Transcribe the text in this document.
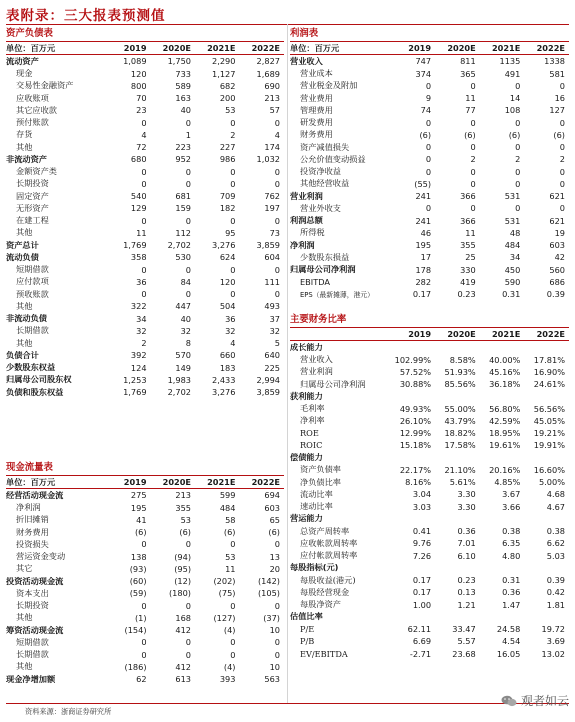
表附录：三大报表预测值
资产负债表
单位：百万元	2019	2020E	2021E	2022E
流动资产	1,089	1,750	2,290	2,827
现金	120	733	1,127	1,689
交易性金融资产	800	589	682	690
应收账项	70	163	200	213
其它应收款	23	40	53	57
预付账款	0	0	0	0
存货	4	1	2	4
其他	72	223	227	174
非流动资产	680	952	986	1,032
金额资产类	0	0	0	0
长期投资	0	0	0	0
固定资产	540	681	709	762
无形资产	129	159	182	197
在建工程	0	0	0	0
其他	11	112	95	73
资产总计	1,769	2,702	3,276	3,859
流动负债	358	530	624	604
短期借款	0	0	0	0
应付款项	36	84	120	111
预收账款	0	0	0	0
其他	322	447	504	493
非流动负债	34	40	36	37
长期借款	32	32	32	32
其他	2	8	4	5
负债合计	392	570	660	640
少数股东权益	124	149	183	225
归属母公司股东权	1,253	1,983	2,433	2,994
负债和股东权益	1,769	2,702	3,276	3,859
现金流量表
单位：百万元	2019	2020E	2021E	2022E
经营活动现金流	275	213	599	694
净利润	195	355	484	603
折旧摊销	41	53	58	65
财务费用	(6)	(6)	(6)	(6)
投资损失	0	0	0	0
营运资金变动	138	(94)	53	13
其它	(93)	(95)	11	20
投资活动现金流	(60)	(12)	(202)	(142)
资本支出	(59)	(180)	(75)	(105)
长期投资	0	0	0	0
其他	(1)	168	(127)	(37)
筹资活动现金流	(154)	412	(4)	10
短期借款	0	0	0	0
长期借款	0	0	0	0
其他	(186)	412	(4)	10
现金净增加额	62	613	393	563
利润表
单位：百万元	2019	2020E	2021E	2022E
营业收入	747	811	1135	1338
营业成本	374	365	491	581
营业税金及附加	0	0	0	0
营业费用	9	11	14	16
管理费用	74	77	108	127
研发费用	0	0	0	0
财务费用	(6)	(6)	(6)	(6)
资产减值损失	0	0	0	0
公允价值变动损益	0	2	2	2
投资净收益	0	0	0	0
其他经营收益	(55)	0	0	0
营业利润	241	366	531	621
营业外收支	0	0	0	0
利润总额	241	366	531	621
所得税	46	11	48	19
净利润	195	355	484	603
少数股东损益	17	25	34	42
归属母公司净利润	178	330	450	560
EBITDA	282	419	590	686
EPS（最新摊薄，港元）	0.17	0.23	0.31	0.39
主要财务比率
	2019	2020E	2021E	2022E
成长能力				
营业收入	102.99%	8.58%	40.00%	17.81%
营业利润	57.52%	51.93%	45.16%	16.90%
归属母公司净利润	30.88%	85.56%	36.18%	24.61%
获利能力				
毛利率	49.93%	55.00%	56.80%	56.56%
净利率	26.10%	43.79%	42.59%	45.05%
ROE	12.99%	18.82%	18.95%	19.21%
ROIC	15.18%	17.58%	19.61%	19.91%
偿债能力				
资产负债率	22.17%	21.10%	20.16%	16.60%
净负债比率	8.16%	5.61%	4.85%	5.00%
流动比率	3.04	3.30	3.67	4.68
速动比率	3.03	3.30	3.66	4.67
营运能力				
总资产周转率	0.41	0.36	0.38	0.38
应收帐款周转率	9.76	7.01	6.35	6.62
应付帐款周转率	7.26	6.10	4.80	5.03
每股指标(元)				
每股收益(港元)	0.17	0.23	0.31	0.39
每股经营现金	0.17	0.13	0.36	0.42
每股净资产	1.00	1.21	1.47	1.81
估值比率				
P/E	62.11	33.47	24.58	19.72
P/B	6.69	5.57	4.54	3.69
EV/EBITDA	-2.71	23.68	16.05	13.02
资料来源：浙商证券研究所
观者如云
